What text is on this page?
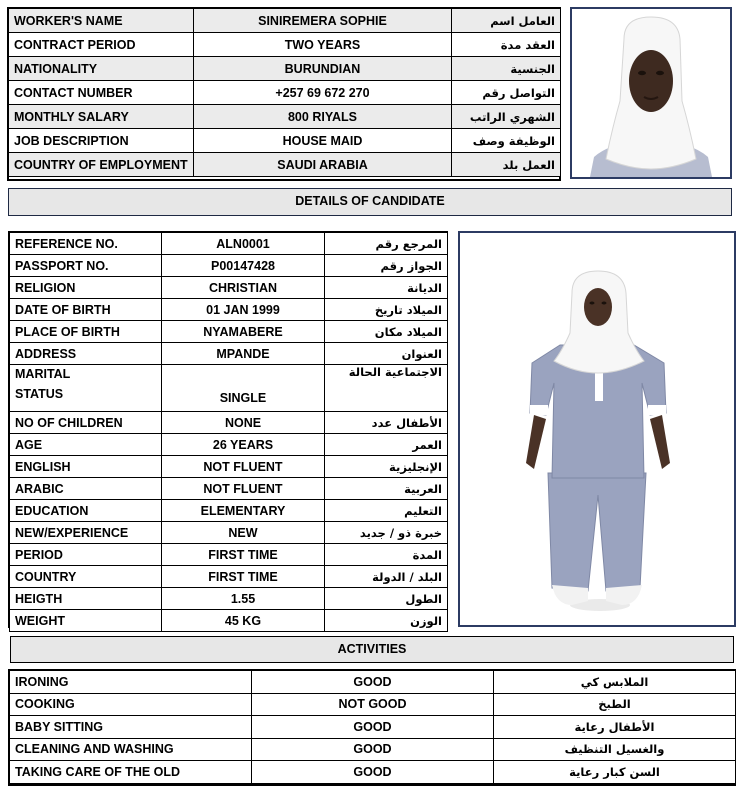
WORKER'S NAME	SINIREMERA SOPHIE	العامل اسم
CONTRACT PERIOD	TWO YEARS	العقد مدة
NATIONALITY	BURUNDIAN	الجنسية
CONTACT NUMBER	+257 69 672 270	التواصل رقم
MONTHLY SALARY	800 RIYALS	الشهري الراتب
JOB DESCRIPTION	HOUSE MAID	الوظيفة وصف
COUNTRY OF EMPLOYMENT	SAUDI ARABIA	العمل بلد
DETAILS OF CANDIDATE
REFERENCE NO.	ALN0001	المرجع رقم
PASSPORT NO.	P00147428	الجواز رقم
RELIGION	CHRISTIAN	الديانة
DATE OF BIRTH	01 JAN 1999	الميلاد تاريخ
PLACE OF BIRTH	NYAMABERE	الميلاد مكان
ADDRESS	MPANDE	العنوان

MARITAL
STATUS	SINGLE	الاجتماعية الحالة
NO OF CHILDREN	NONE	الأطفال عدد
AGE	26 YEARS	العمر
ENGLISH	NOT FLUENT	الإنجليزية
ARABIC	NOT FLUENT	العربية
EDUCATION	ELEMENTARY	التعليم
NEW/EXPERIENCE	NEW	خبرة ذو / جديد
PERIOD	FIRST TIME	المدة
COUNTRY	FIRST TIME	البلد / الدولة
HEIGTH	1.55	الطول
WEIGHT	45 KG	الوزن
ACTIVITIES
IRONING	GOOD	الملابس كي
COOKING	NOT GOOD	الطبخ
BABY SITTING	GOOD	الأطفال رعاية
CLEANING AND WASHING	GOOD	والغسيل التنظيف
TAKING CARE OF THE OLD	GOOD	السن كبار رعاية
